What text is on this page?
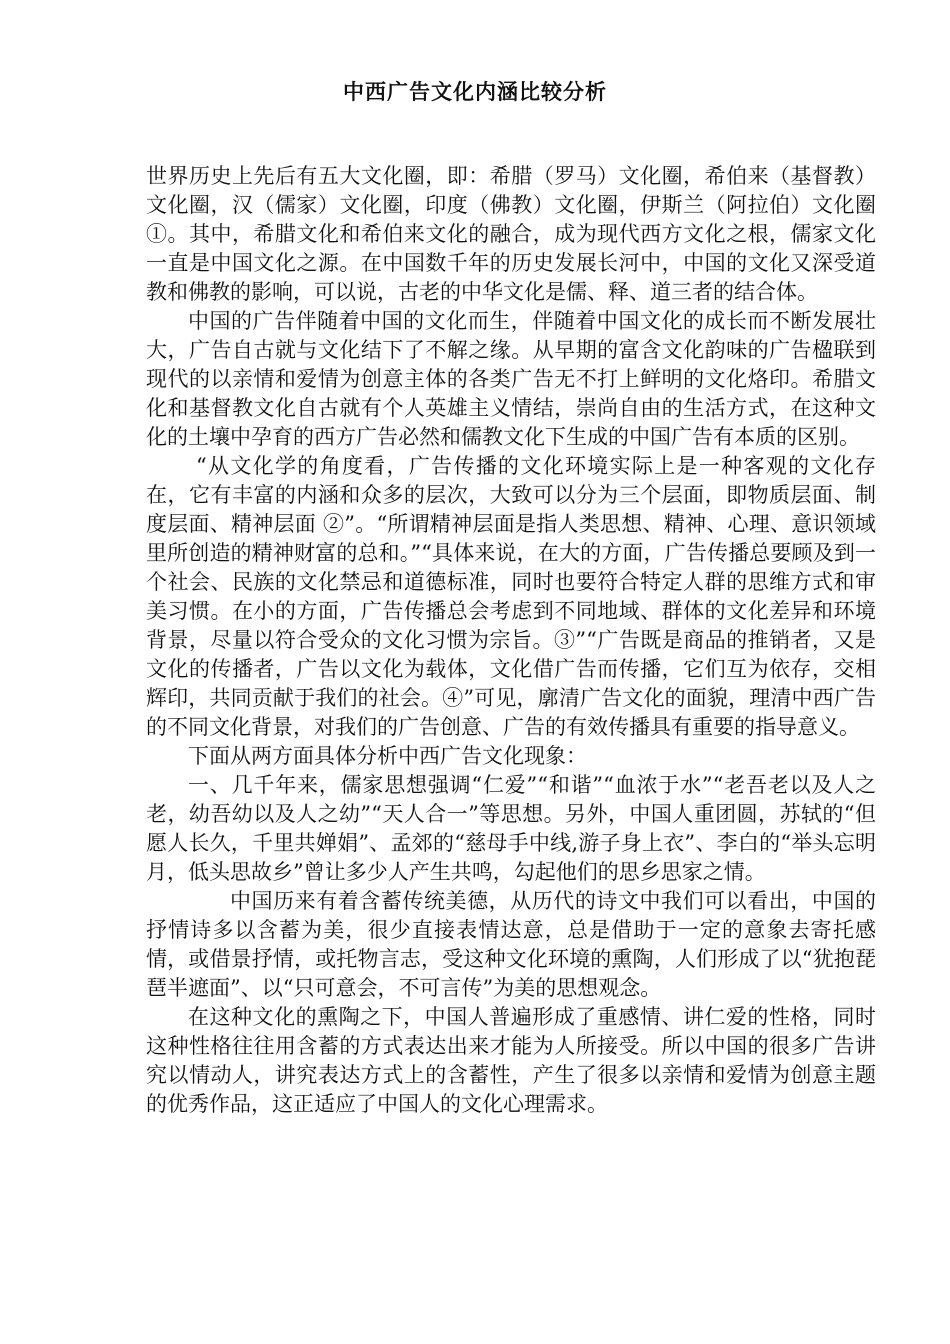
中西广告文化内涵比较分析

世界历史上先后有五大文化圈，即：希腊（罗马）文化圈，希伯来（基督教）文化圈，汉（儒家）文化圈，印度（佛教）文化圈，伊斯兰（阿拉伯）文化圈①。其中，希腊文化和希伯来文化的融合，成为现代西方文化之根，儒家文化一直是中国文化之源。在中国数千年的历史发展长河中，中国的文化又深受道教和佛教的影响，可以说，古老的中华文化是儒、释、道三者的结合体。

中国的广告伴随着中国的文化而生，伴随着中国文化的成长而不断发展壮大，广告自古就与文化结下了不解之缘。从早期的富含文化韵味的广告楹联到现代的以亲情和爱情为创意主体的各类广告无不打上鲜明的文化烙印。希腊文化和基督教文化自古就有个人英雄主义情结，崇尚自由的生活方式，在这种文化的土壤中孕育的西方广告必然和儒教文化下生成的中国广告有本质的区别。

“从文化学的角度看，广告传播的文化环境实际上是一种客观的文化存在，它有丰富的内涵和众多的层次，大致可以分为三个层面，即物质层面、制度层面、精神层面 ②”。“所谓精神层面是指人类思想、精神、心理、意识领域里所创造的精神财富的总和。”“具体来说，在大的方面，广告传播总要顾及到一个社会、民族的文化禁忌和道德标准，同时也要符合特定人群的思维方式和审美习惯。在小的方面，广告传播总会考虑到不同地域、群体的文化差异和环境背景，尽量以符合受众的文化习惯为宗旨。③”“广告既是商品的推销者，又是文化的传播者，广告以文化为载体，文化借广告而传播，它们互为依存，交相辉印，共同贡献于我们的社会。④”可见，廓清广告文化的面貌，理清中西广告的不同文化背景，对我们的广告创意、广告的有效传播具有重要的指导意义。

下面从两方面具体分析中西广告文化现象：

一、几千年来，儒家思想强调“仁爱”“和谐”“血浓于水”“老吾老以及人之老，幼吾幼以及人之幼”“天人合一”等思想。另外，中国人重团圆，苏轼的“但愿人长久，千里共婵娟”、孟郊的“慈母手中线,游子身上衣”、李白的“举头忘明月，低头思故乡”曾让多少人产生共鸣，勾起他们的思乡思家之情。

中国历来有着含蓄传统美德，从历代的诗文中我们可以看出，中国的抒情诗多以含蓄为美，很少直接表情达意，总是借助于一定的意象去寄托感情，或借景抒情，或托物言志，受这种文化环境的熏陶，人们形成了以“犹抱琵琶半遮面”、以“只可意会，不可言传”为美的思想观念。

在这种文化的熏陶之下，中国人普遍形成了重感情、讲仁爱的性格，同时这种性格往往用含蓄的方式表达出来才能为人所接受。所以中国的很多广告讲究以情动人，讲究表达方式上的含蓄性，产生了很多以亲情和爱情为创意主题的优秀作品，这正适应了中国人的文化心理需求。
